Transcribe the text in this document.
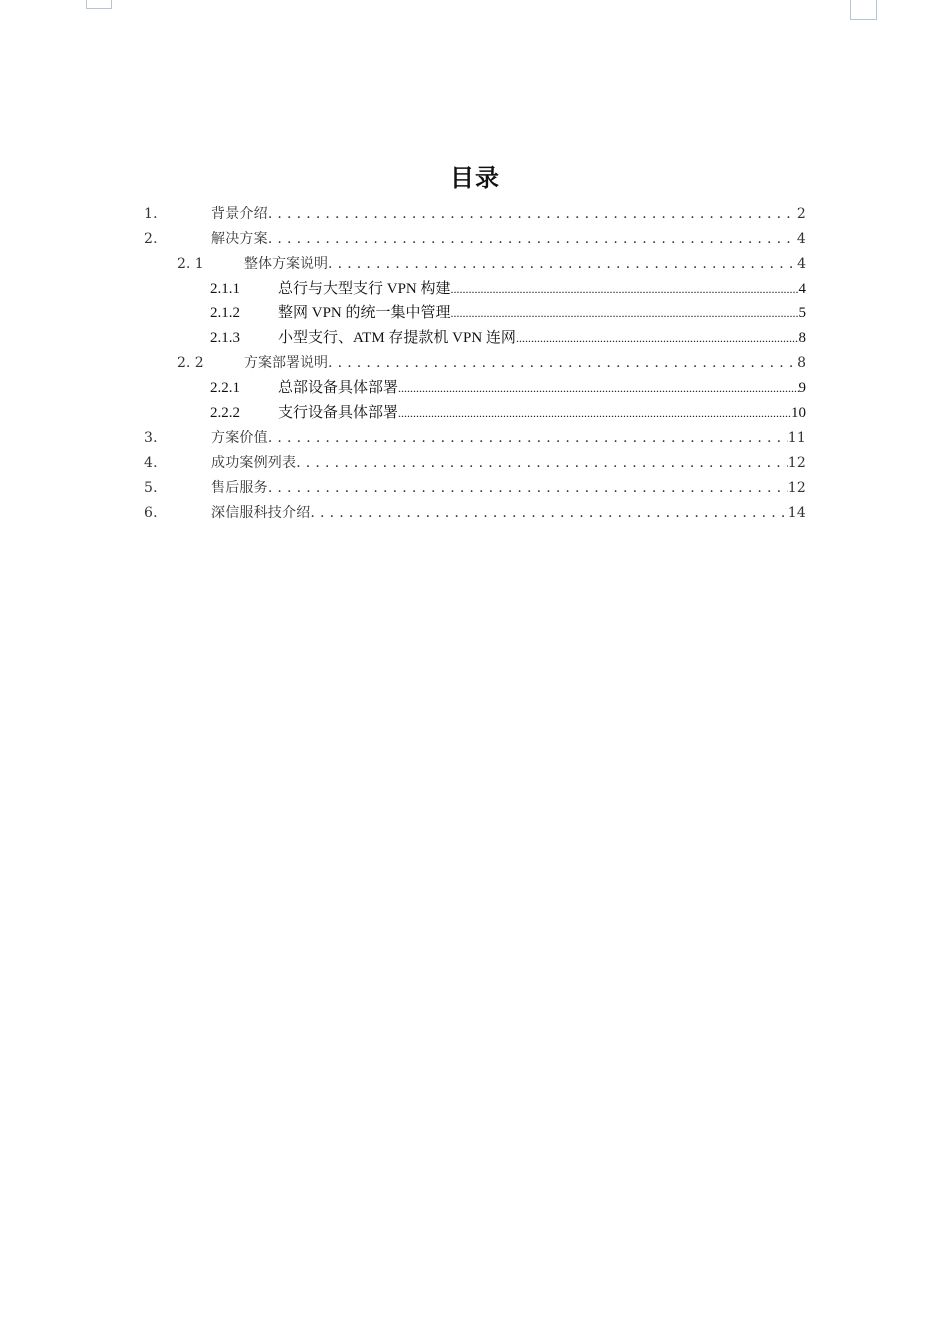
目录
1.	背景介绍 . . .	2
2.	解决方案 . . .	4
2. 1	整体方案说明 . . .	4
2.1.1	总行与大型支行 VPN 构建 .....	4
2.1.2	整网 VPN 的统一集中管理 .....	5
2.1.3	小型支行、ATM 存提款机 VPN 连网 .....	8
2. 2	方案部署说明 . . .	8
2.2.1	总部设备具体部署 .....	9
2.2.2	支行设备具体部署 .....	10
3.	方案价值 . . .	11
4.	成功案例列表 . . .	12
5.	售后服务 . . .	12
6.	深信服科技介绍 . . .	14
